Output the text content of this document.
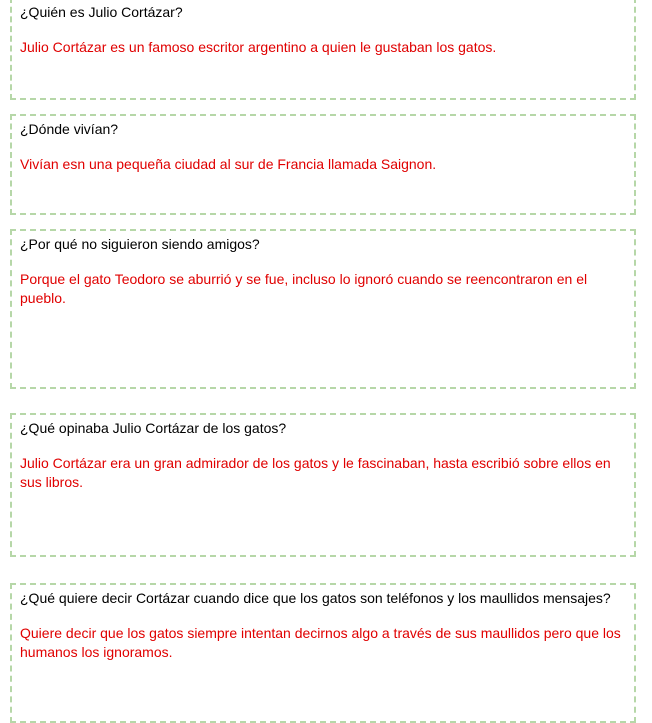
¿Quién es Julio Cortázar?

Julio Cortázar es un famoso escritor argentino a quien le gustaban los gatos.

¿Dónde vivían?

Vivían esn una pequeña ciudad al sur de Francia llamada Saignon.

¿Por qué no siguieron siendo amigos?

Porque el gato Teodoro se aburrió y se fue, incluso lo ignoró cuando se reencontraron en el pueblo.

¿Qué opinaba Julio Cortázar de los gatos?

Julio Cortázar era un gran admirador de los gatos y le fascinaban, hasta escribió sobre ellos en sus libros.

¿Qué quiere decir Cortázar cuando dice que los gatos son teléfonos y los maullidos mensajes?

Quiere decir que los gatos siempre intentan decirnos algo a través de sus maullidos pero que los humanos los ignoramos.
